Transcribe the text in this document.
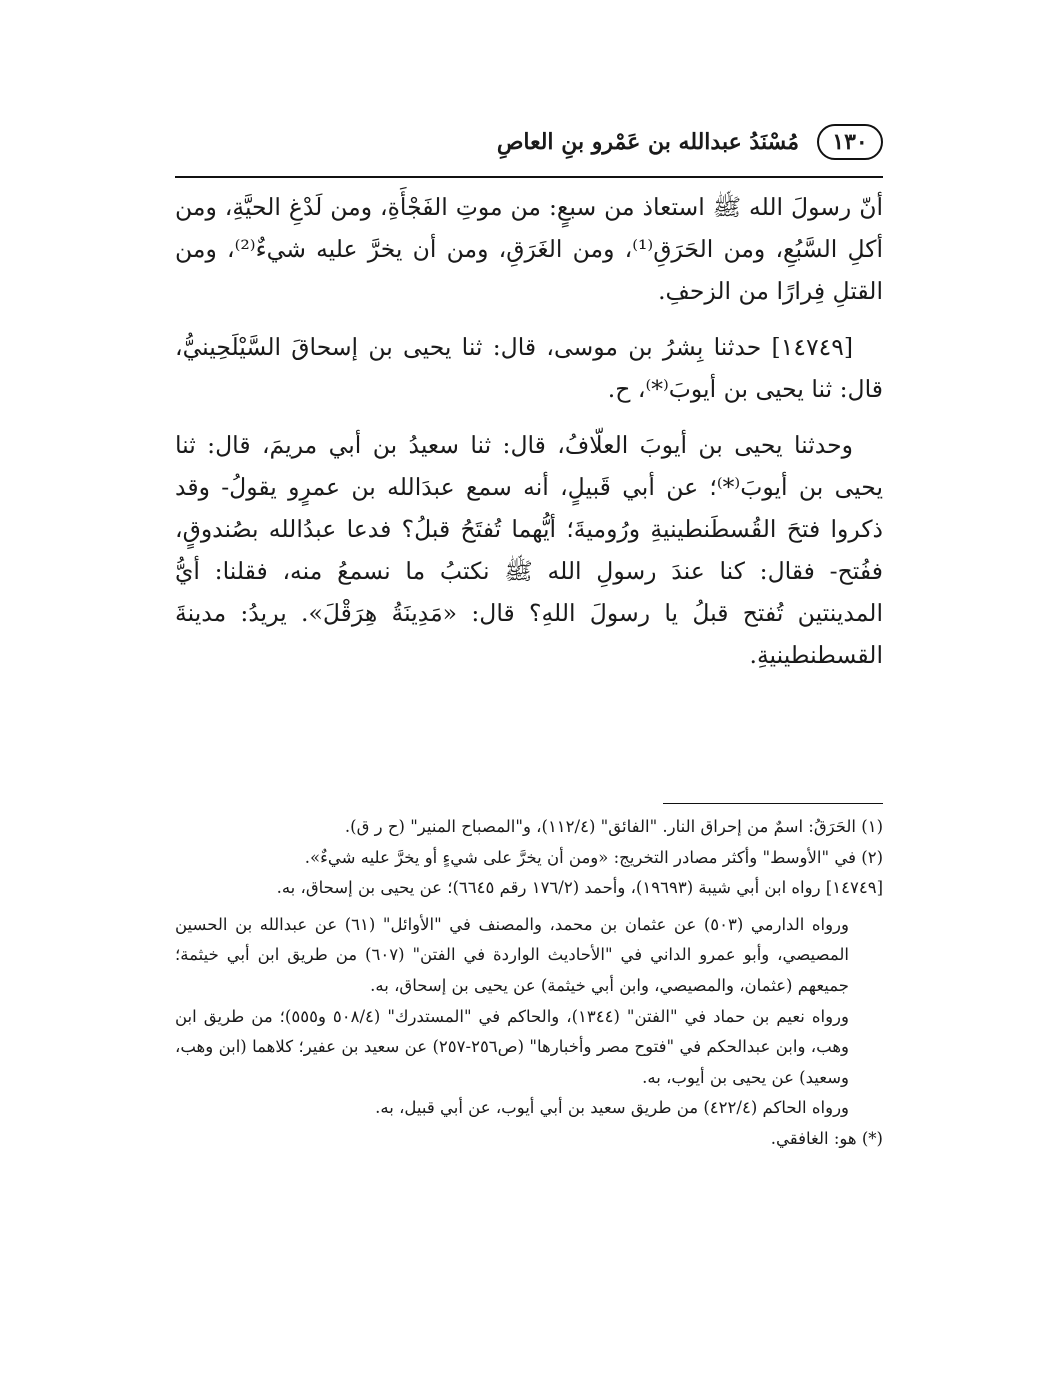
١٣٠
مُسْنَدُ عبدالله بن عَمْرو بنِ العاصِ

أنّ رسولَ الله ﷺ استعاذ من سبعٍ: من موتِ الفَجْأَةِ، ومن لَدْغِ الحيَّةِ، ومن أكلِ السَّبُعِ، ومن الحَرَقِ⁽¹⁾، ومن الغَرَقِ، ومن أن يخرَّ عليه شيءٌ⁽²⁾، ومن القتلِ فِرارًا من الزحفِ.

[١٤٧٤٩] حدثنا بِشرُ بن موسى، قال: ثنا يحيى بن إسحاقَ السَّيْلَحِينيُّ، قال: ثنا يحيى بن أيوبَ⁽*⁾، ح.

وحدثنا يحيى بن أيوبَ العلّافُ، قال: ثنا سعيدُ بن أبي مريمَ، قال: ثنا يحيى بن أيوبَ⁽*⁾؛ عن أبي قَبيلٍ، أنه سمع عبدَالله بن عمرٍو يقولُ- وقد ذكروا فتحَ القُسطَنطينيةِ ورُوميةَ؛ أيُّهما تُفتَحُ قبلُ؟ فدعا عبدُالله بصُندوقٍ، ففُتح- فقال: كنا عندَ رسولِ الله ﷺ نكتبُ ما نسمعُ منه، فقلنا: أيُّ المدينتين تُفتح قبلُ يا رسولَ اللهِ؟ قال: «مَدِينَةُ هِرَقْلَ». يريدُ: مدينةَ القسطنطينيةِ.

(١) الحَرَقُ: اسمٌ من إحراق النار. "الفائق" (١١٢/٤)، و"المصباح المنير" (ح ر ق).

(٢) في "الأوسط" وأكثر مصادر التخريج: «ومن أن يخرَّ على شيءٍ أو يخرَّ عليه شيءٌ».

[١٤٧٤٩] رواه ابن أبي شيبة (١٩٦٩٣)، وأحمد (١٧٦/٢ رقم ٦٦٤٥)؛ عن يحيى بن إسحاق، به.

ورواه الدارمي (٥٠٣) عن عثمان بن محمد، والمصنف في "الأوائل" (٦١) عن عبدالله بن الحسين المصيصي، وأبو عمرو الداني في "الأحاديث الواردة في الفتن" (٦٠٧) من طريق ابن أبي خيثمة؛ جميعهم (عثمان، والمصيصي، وابن أبي خيثمة) عن يحيى بن إسحاق، به.

ورواه نعيم بن حماد في "الفتن" (١٣٤٤)، والحاكم في "المستدرك" (٥٠٨/٤ و٥٥٥)؛ من طريق ابن وهب، وابن عبدالحكم في "فتوح مصر وأخبارها" (ص٢٥٦-٢٥٧) عن سعيد بن عفير؛ كلاهما (ابن وهب، وسعيد) عن يحيى بن أيوب، به.

ورواه الحاكم (٤٢٢/٤) من طريق سعيد بن أبي أيوب، عن أبي قبيل، به.

(*) هو: الغافقي.
